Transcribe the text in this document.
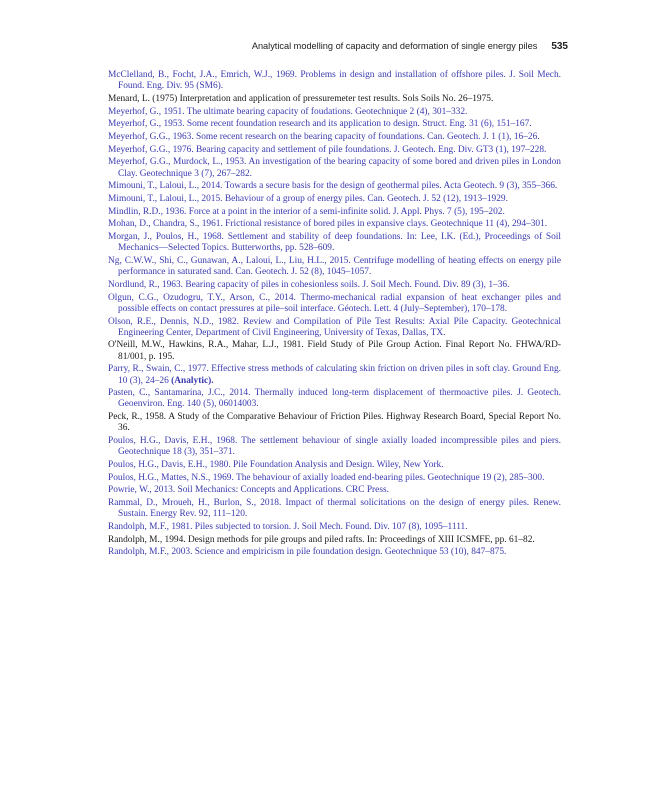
Analytical modelling of capacity and deformation of single energy piles 535

McClelland, B., Focht, J.A., Emrich, W.J., 1969. Problems in design and installation of offshore piles. J. Soil Mech. Found. Eng. Div. 95 (SM6).

Menard, L. (1975) Interpretation and application of pressuremeter test results. Sols Soils No. 26–1975.

Meyerhof, G., 1951. The ultimate bearing capacity of foudations. Geotechnique 2 (4), 301–332.

Meyerhof, G., 1953. Some recent foundation research and its application to design. Struct. Eng. 31 (6), 151–167.

Meyerhof, G.G., 1963. Some recent research on the bearing capacity of foundations. Can. Geotech. J. 1 (1), 16–26.

Meyerhof, G.G., 1976. Bearing capacity and settlement of pile foundations. J. Geotech. Eng. Div. GT3 (1), 197–228.

Meyerhof, G.G., Murdock, L., 1953. An investigation of the bearing capacity of some bored and driven piles in London Clay. Geotechnique 3 (7), 267–282.

Mimouni, T., Laloui, L., 2014. Towards a secure basis for the design of geothermal piles. Acta Geotech. 9 (3), 355–366.

Mimouni, T., Laloui, L., 2015. Behaviour of a group of energy piles. Can. Geotech. J. 52 (12), 1913–1929.

Mindlin, R.D., 1936. Force at a point in the interior of a semi-infinite solid. J. Appl. Phys. 7 (5), 195–202.

Mohan, D., Chandra, S., 1961. Frictional resistance of bored piles in expansive clays. Geotechnique 11 (4), 294–301.

Morgan, J., Poulos, H., 1968. Settlement and stability of deep foundations. In: Lee, I.K. (Ed.), Proceedings of Soil Mechanics—Selected Topics. Butterworths, pp. 528–609.

Ng, C.W.W., Shi, C., Gunawan, A., Laloui, L., Liu, H.L., 2015. Centrifuge modelling of heating effects on energy pile performance in saturated sand. Can. Geotech. J. 52 (8), 1045–1057.

Nordlund, R., 1963. Bearing capacity of piles in cohesionless soils. J. Soil Mech. Found. Div. 89 (3), 1–36.

Olgun, C.G., Ozudogru, T.Y., Arson, C., 2014. Thermo-mechanical radial expansion of heat exchanger piles and possible effects on contact pressures at pile–soil interface. Géotech. Lett. 4 (July–September), 170–178.

Olson, R.E., Dennis, N.D., 1982. Review and Compilation of Pile Test Results: Axial Pile Capacity. Geotechnical Engineering Center, Department of Civil Engineering, University of Texas, Dallas, TX.

O'Neill, M.W., Hawkins, R.A., Mahar, L.J., 1981. Field Study of Pile Group Action. Final Report No. FHWA/RD-81/001, p. 195.

Parry, R., Swain, C., 1977. Effective stress methods of calculating skin friction on driven piles in soft clay. Ground Eng. 10 (3), 24–26 (Analytic).

Pasten, C., Santamarina, J.C., 2014. Thermally induced long-term displacement of thermoactive piles. J. Geotech. Geoenviron. Eng. 140 (5), 06014003.

Peck, R., 1958. A Study of the Comparative Behaviour of Friction Piles. Highway Research Board, Special Report No. 36.

Poulos, H.G., Davis, E.H., 1968. The settlement behaviour of single axially loaded incompressible piles and piers. Geotechnique 18 (3), 351–371.

Poulos, H.G., Davis, E.H., 1980. Pile Foundation Analysis and Design. Wiley, New York.

Poulos, H.G., Mattes, N.S., 1969. The behaviour of axially loaded end-bearing piles. Geotechnique 19 (2), 285–300.

Powrie, W., 2013. Soil Mechanics: Concepts and Applications. CRC Press.

Rammal, D., Mroueh, H., Burlon, S., 2018. Impact of thermal solicitations on the design of energy piles. Renew. Sustain. Energy Rev. 92, 111–120.

Randolph, M.F., 1981. Piles subjected to torsion. J. Soil Mech. Found. Div. 107 (8), 1095–1111.

Randolph, M., 1994. Design methods for pile groups and piled rafts. In: Proceedings of XIII ICSMFE, pp. 61–82.

Randolph, M.F., 2003. Science and empiricism in pile foundation design. Geotechnique 53 (10), 847–875.
